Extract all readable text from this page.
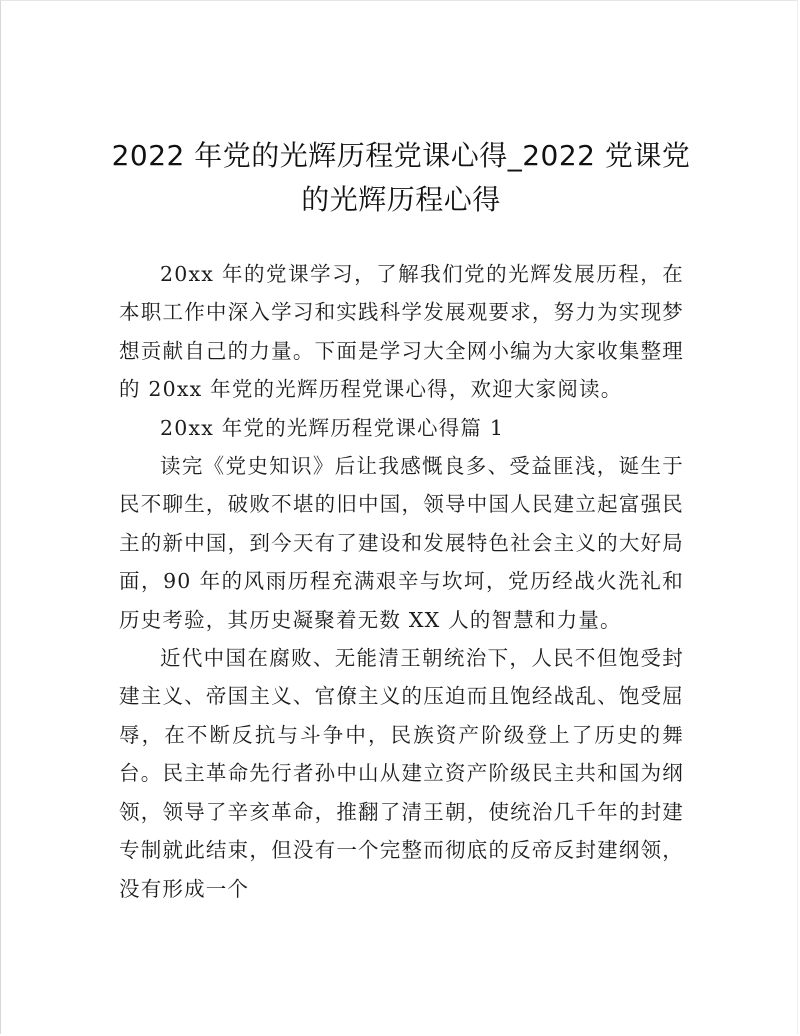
2022 年党的光辉历程党课心得_2022 党课党的光辉历程心得

20xx 年的党课学习，了解我们党的光辉发展历程，在本职工作中深入学习和实践科学发展观要求，努力为实现梦想贡献自己的力量。下面是学习大全网小编为大家收集整理的 20xx 年党的光辉历程党课心得，欢迎大家阅读。

20xx 年党的光辉历程党课心得篇 1

读完《党史知识》后让我感慨良多、受益匪浅，诞生于民不聊生，破败不堪的旧中国，领导中国人民建立起富强民主的新中国，到今天有了建设和发展特色社会主义的大好局面，90 年的风雨历程充满艰辛与坎坷，党历经战火洗礼和历史考验，其历史凝聚着无数 XX 人的智慧和力量。

近代中国在腐败、无能清王朝统治下，人民不但饱受封建主义、帝国主义、官僚主义的压迫而且饱经战乱、饱受屈辱，在不断反抗与斗争中，民族资产阶级登上了历史的舞台。民主革命先行者孙中山从建立资产阶级民主共和国为纲领，领导了辛亥革命，推翻了清王朝，使统治几千年的封建专制就此结束，但没有一个完整而彻底的反帝反封建纲领，没有形成一个
